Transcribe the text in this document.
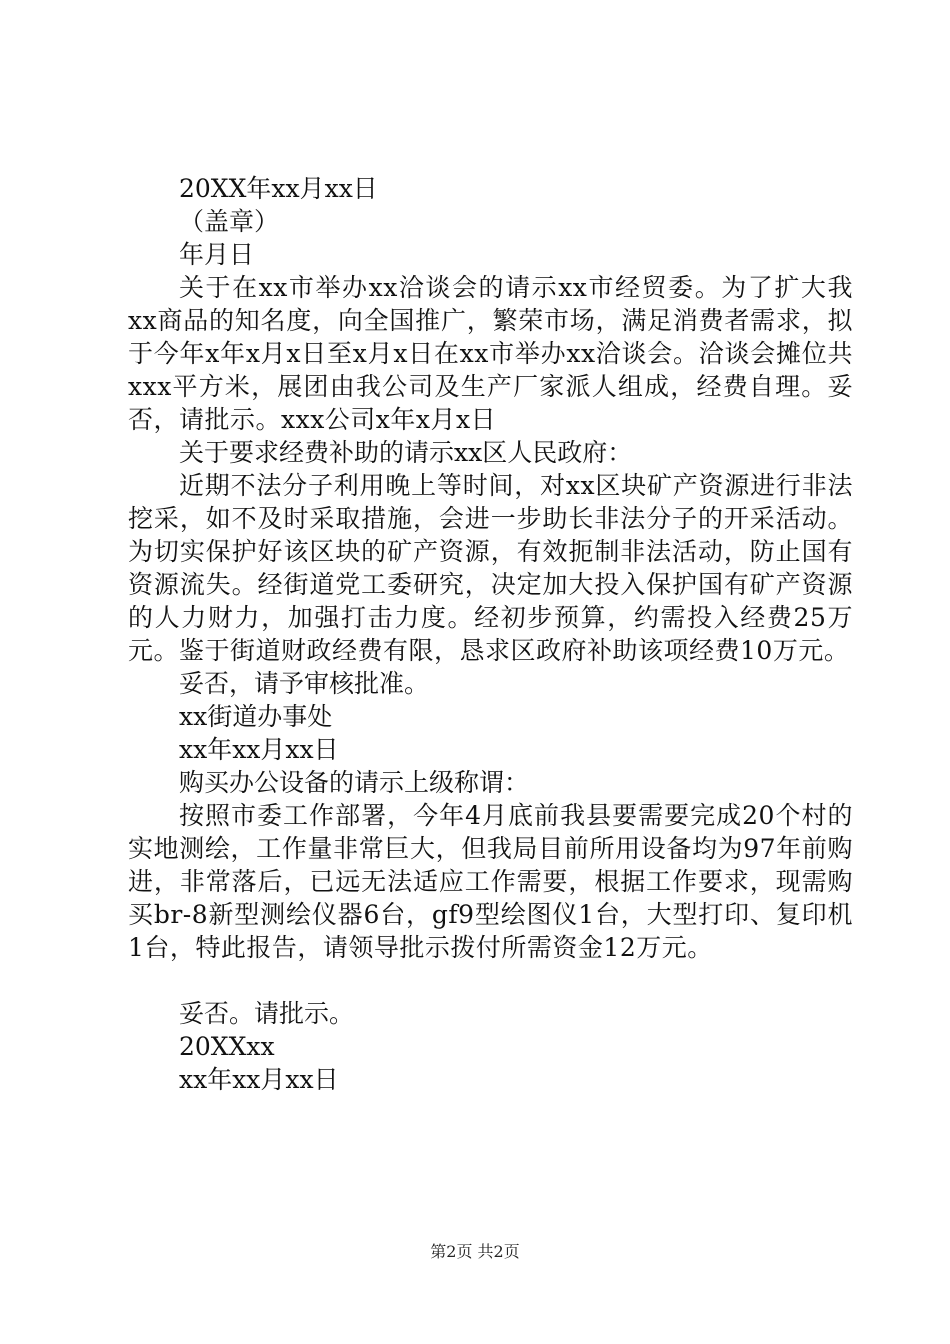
20XX年xx月xx日

（盖章）

年月日

关于在xx市举办xx洽谈会的请示xx市经贸委。为了扩大我xx商品的知名度，向全国推广，繁荣市场，满足消费者需求，拟于今年x年x月x日至x月x日在xx市举办xx洽谈会。洽谈会摊位共xxx平方米，展团由我公司及生产厂家派人组成，经费自理。妥否，请批示。xxx公司x年x月x日

关于要求经费补助的请示xx区人民政府：

近期不法分子利用晚上等时间，对xx区块矿产资源进行非法挖采，如不及时采取措施，会进一步助长非法分子的开采活动。为切实保护好该区块的矿产资源，有效扼制非法活动，防止国有资源流失。经街道党工委研究，决定加大投入保护国有矿产资源的人力财力，加强打击力度。经初步预算，约需投入经费25万元。鉴于街道财政经费有限，恳求区政府补助该项经费10万元。

妥否，请予审核批准。

xx街道办事处

xx年xx月xx日

购买办公设备的请示上级称谓：

按照市委工作部署，今年4月底前我县要需要完成20个村的实地测绘，工作量非常巨大，但我局目前所用设备均为97年前购进，非常落后，已远无法适应工作需要，根据工作要求，现需购买br-8新型测绘仪器6台，gf9型绘图仪1台，大型打印、复印机1台，特此报告，请领导批示拨付所需资金12万元。

妥否。请批示。

20XXxx

xx年xx月xx日

第2页 共2页
